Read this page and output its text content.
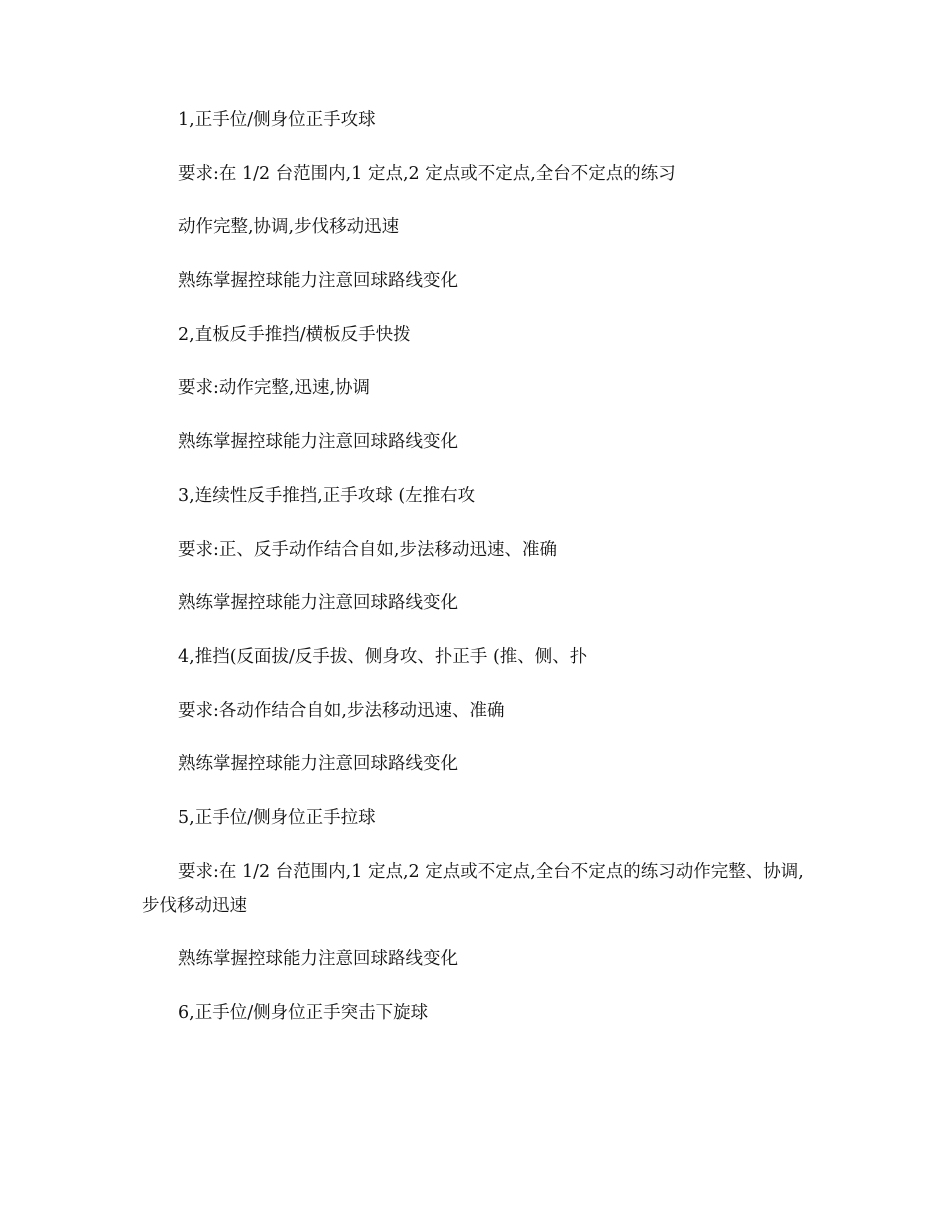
1,正手位/侧身位正手攻球

要求:在 1/2 台范围内,1 定点,2 定点或不定点,全台不定点的练习

动作完整,协调,步伐移动迅速

熟练掌握控球能力注意回球路线变化

2,直板反手推挡/横板反手快拨

要求:动作完整,迅速,协调

熟练掌握控球能力注意回球路线变化

3,连续性反手推挡,正手攻球 (左推右攻

要求:正、反手动作结合自如,步法移动迅速、准确

熟练掌握控球能力注意回球路线变化

4,推挡(反面拔/反手拔、侧身攻、扑正手 (推、侧、扑

要求:各动作结合自如,步法移动迅速、准确

熟练掌握控球能力注意回球路线变化

5,正手位/侧身位正手拉球

要求:在 1/2 台范围内,1 定点,2 定点或不定点,全台不定点的练习动作完整、协调,步伐移动迅速

熟练掌握控球能力注意回球路线变化

6,正手位/侧身位正手突击下旋球
